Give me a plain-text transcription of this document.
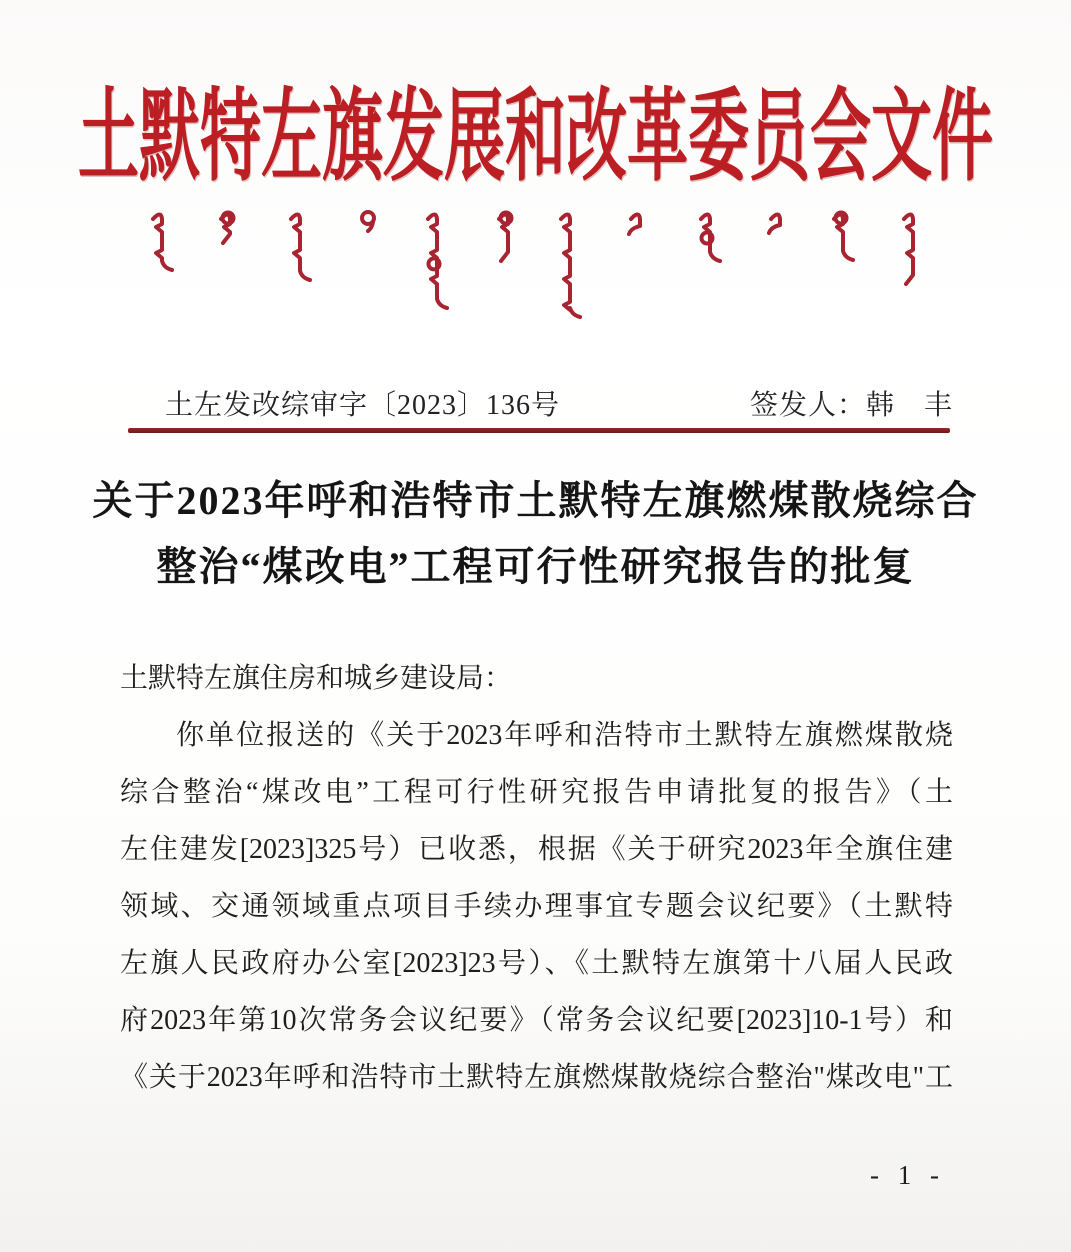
土默特左旗发展和改革委员会文件
土左发改综审字〔2023〕136号	签发人：韩　丰
关于2023年呼和浩特市土默特左旗燃煤散烧综合
整治“煤改电”工程可行性研究报告的批复
土默特左旗住房和城乡建设局：
你单位报送的《关于2023年呼和浩特市土默特左旗燃煤散烧
综合整治“煤改电”工程可行性研究报告申请批复的报告》（土
左住建发[2023]325号）已收悉，根据《关于研究2023年全旗住建
领域、交通领域重点项目手续办理事宜专题会议纪要》（土默特
左旗人民政府办公室[2023]23号）、《土默特左旗第十八届人民政
府2023年第10次常务会议纪要》（常务会议纪要[2023]10-1号）和
《关于2023年呼和浩特市土默特左旗燃煤散烧综合整治"煤改电"工
- 1 -
